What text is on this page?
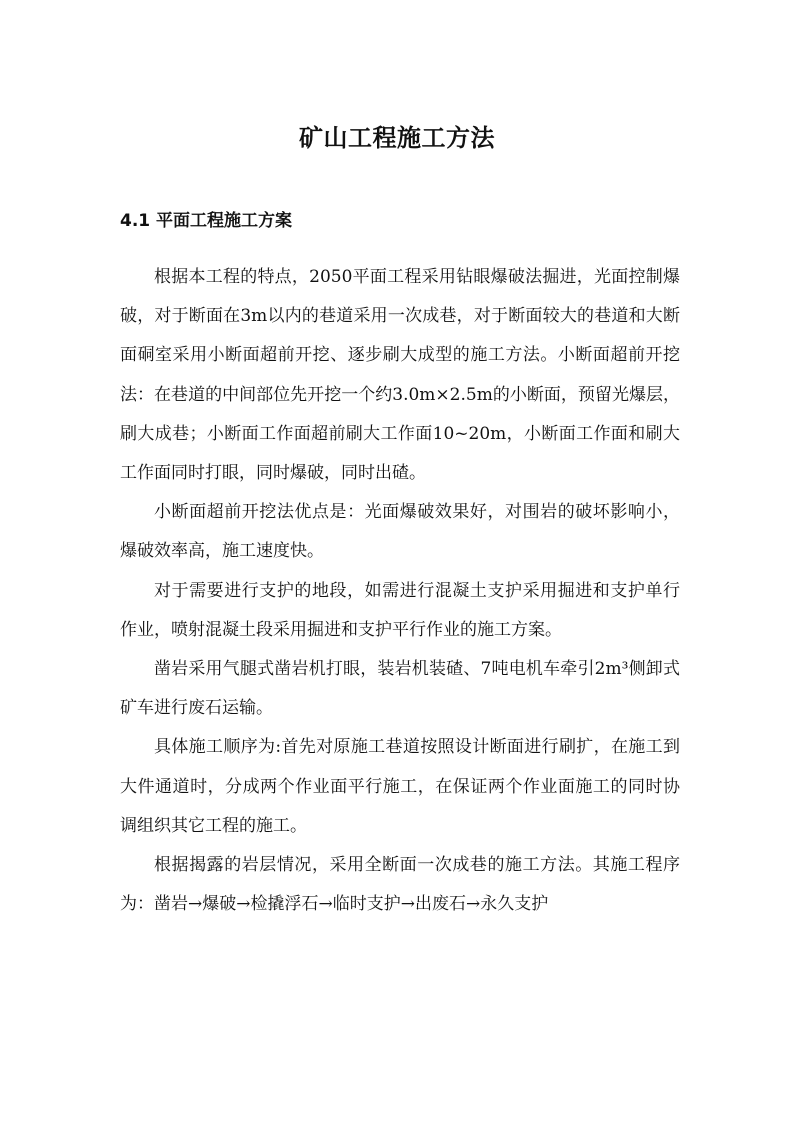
矿山工程施工方法
4.1 平面工程施工方案

根据本工程的特点，2050平面工程采用钻眼爆破法掘进，光面控制爆破，对于断面在3m以内的巷道采用一次成巷，对于断面较大的巷道和大断面硐室采用小断面超前开挖、逐步刷大成型的施工方法。小断面超前开挖法：在巷道的中间部位先开挖一个约3.0m×2.5m的小断面，预留光爆层，刷大成巷；小断面工作面超前刷大工作面10~20m，小断面工作面和刷大工作面同时打眼，同时爆破，同时出碴。

小断面超前开挖法优点是：光面爆破效果好，对围岩的破坏影响小，爆破效率高，施工速度快。

对于需要进行支护的地段，如需进行混凝土支护采用掘进和支护单行作业，喷射混凝土段采用掘进和支护平行作业的施工方案。

凿岩采用气腿式凿岩机打眼，装岩机装碴、7吨电机车牵引2m³侧卸式矿车进行废石运输。

具体施工顺序为:首先对原施工巷道按照设计断面进行刷扩，在施工到大件通道时，分成两个作业面平行施工，在保证两个作业面施工的同时协调组织其它工程的施工。

根据揭露的岩层情况，采用全断面一次成巷的施工方法。其施工程序为：凿岩→爆破→检撬浮石→临时支护→出废石→永久支护
